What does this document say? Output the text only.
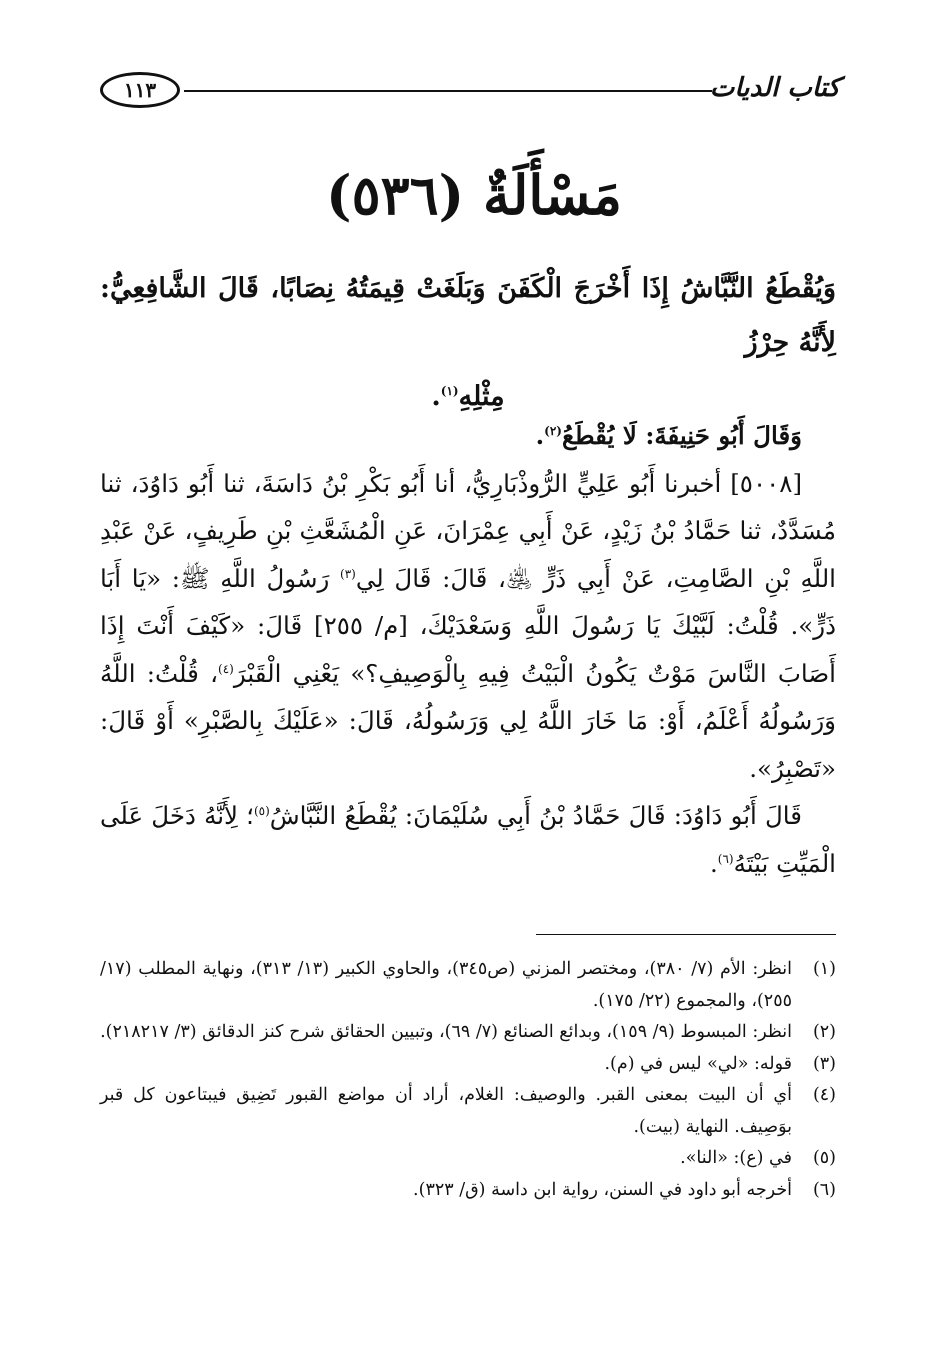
كتاب الديات
١١٣
مَسْأَلَةٌ (٥٣٦)
وَيُقْطَعُ النَّبَّاشُ إِذَا أَخْرَجَ الْكَفَنَ وَبَلَغَتْ قِيمَتُهُ نِصَابًا، قَالَ الشَّافِعِيُّ: لِأَنَّهُ حِرْزُ
مِثْلِهِ$^{(١)}$.

وَقَالَ أَبُو حَنِيفَةَ: لَا يُقْطَعُ$^{(٢)}$.

[٥٠٠٨] أخبرنا أَبُو عَلِيٍّ الرُّوذْبَارِيُّ، أنا أَبُو بَكْرِ بْنُ دَاسَةَ، ثنا أَبُو دَاوُدَ، ثنا مُسَدَّدٌ، ثنا حَمَّادُ بْنُ زَيْدٍ، عَنْ أَبِي عِمْرَانَ، عَنِ الْمُشَعَّثِ بْنِ طَرِيفٍ، عَنْ عَبْدِ اللَّهِ بْنِ الصَّامِتِ، عَنْ أَبِي ذَرٍّ ﵁، قَالَ: قَالَ لِي$^{(٣)}$ رَسُولُ اللَّهِ ﷺ: «يَا أَبَا ذَرٍّ». قُلْتُ: لَبَّيْكَ يَا رَسُولَ اللَّهِ وَسَعْدَيْكَ، [م/ ٢٥٥] قَالَ: «كَيْفَ أَنْتَ إِذَا أَصَابَ النَّاسَ مَوْتٌ يَكُونُ الْبَيْتُ فِيهِ بِالْوَصِيفِ؟» يَعْنِي الْقَبْرَ$^{(٤)}$، قُلْتُ: اللَّهُ وَرَسُولُهُ أَعْلَمُ، أَوْ: مَا خَارَ اللَّهُ لِي وَرَسُولُهُ، قَالَ: «عَلَيْكَ بِالصَّبْرِ» أَوْ قَالَ: «تَصْبِرُ».

قَالَ أَبُو دَاوُدَ: قَالَ حَمَّادُ بْنُ أَبِي سُلَيْمَانَ: يُقْطَعُ النَّبَّاشُ$^{(٥)}$؛ لِأَنَّهُ دَخَلَ عَلَى الْمَيِّتِ بَيْتَهُ$^{(٦)}$.

(١)
انظر: الأم (٧/ ٣٨٠)، ومختصر المزني (ص٣٤٥)، والحاوي الكبير (١٣/ ٣١٣)، ونهاية المطلب (١٧/ ٢٥٥)، والمجموع (٢٢/ ١٧٥).
(٢)
انظر: المبسوط (٩/ ١٥٩)، وبدائع الصنائع (٧/ ٦٩)، وتبيين الحقائق شرح كنز الدقائق (٣/ ٢١٨٢١٧).
(٣)
قوله: «لي» ليس في (م).
(٤)
أي أن البيت بمعنى القبر. والوصيف: الغلام، أراد أن مواضع القبور تَضِيق فيبتاعون كل قبر بوَصِيف. النهاية (بيت).
(٥)
في (ع): «النا».
(٦)
أخرجه أبو داود في السنن، رواية ابن داسة (ق/ ٣٢٣).
